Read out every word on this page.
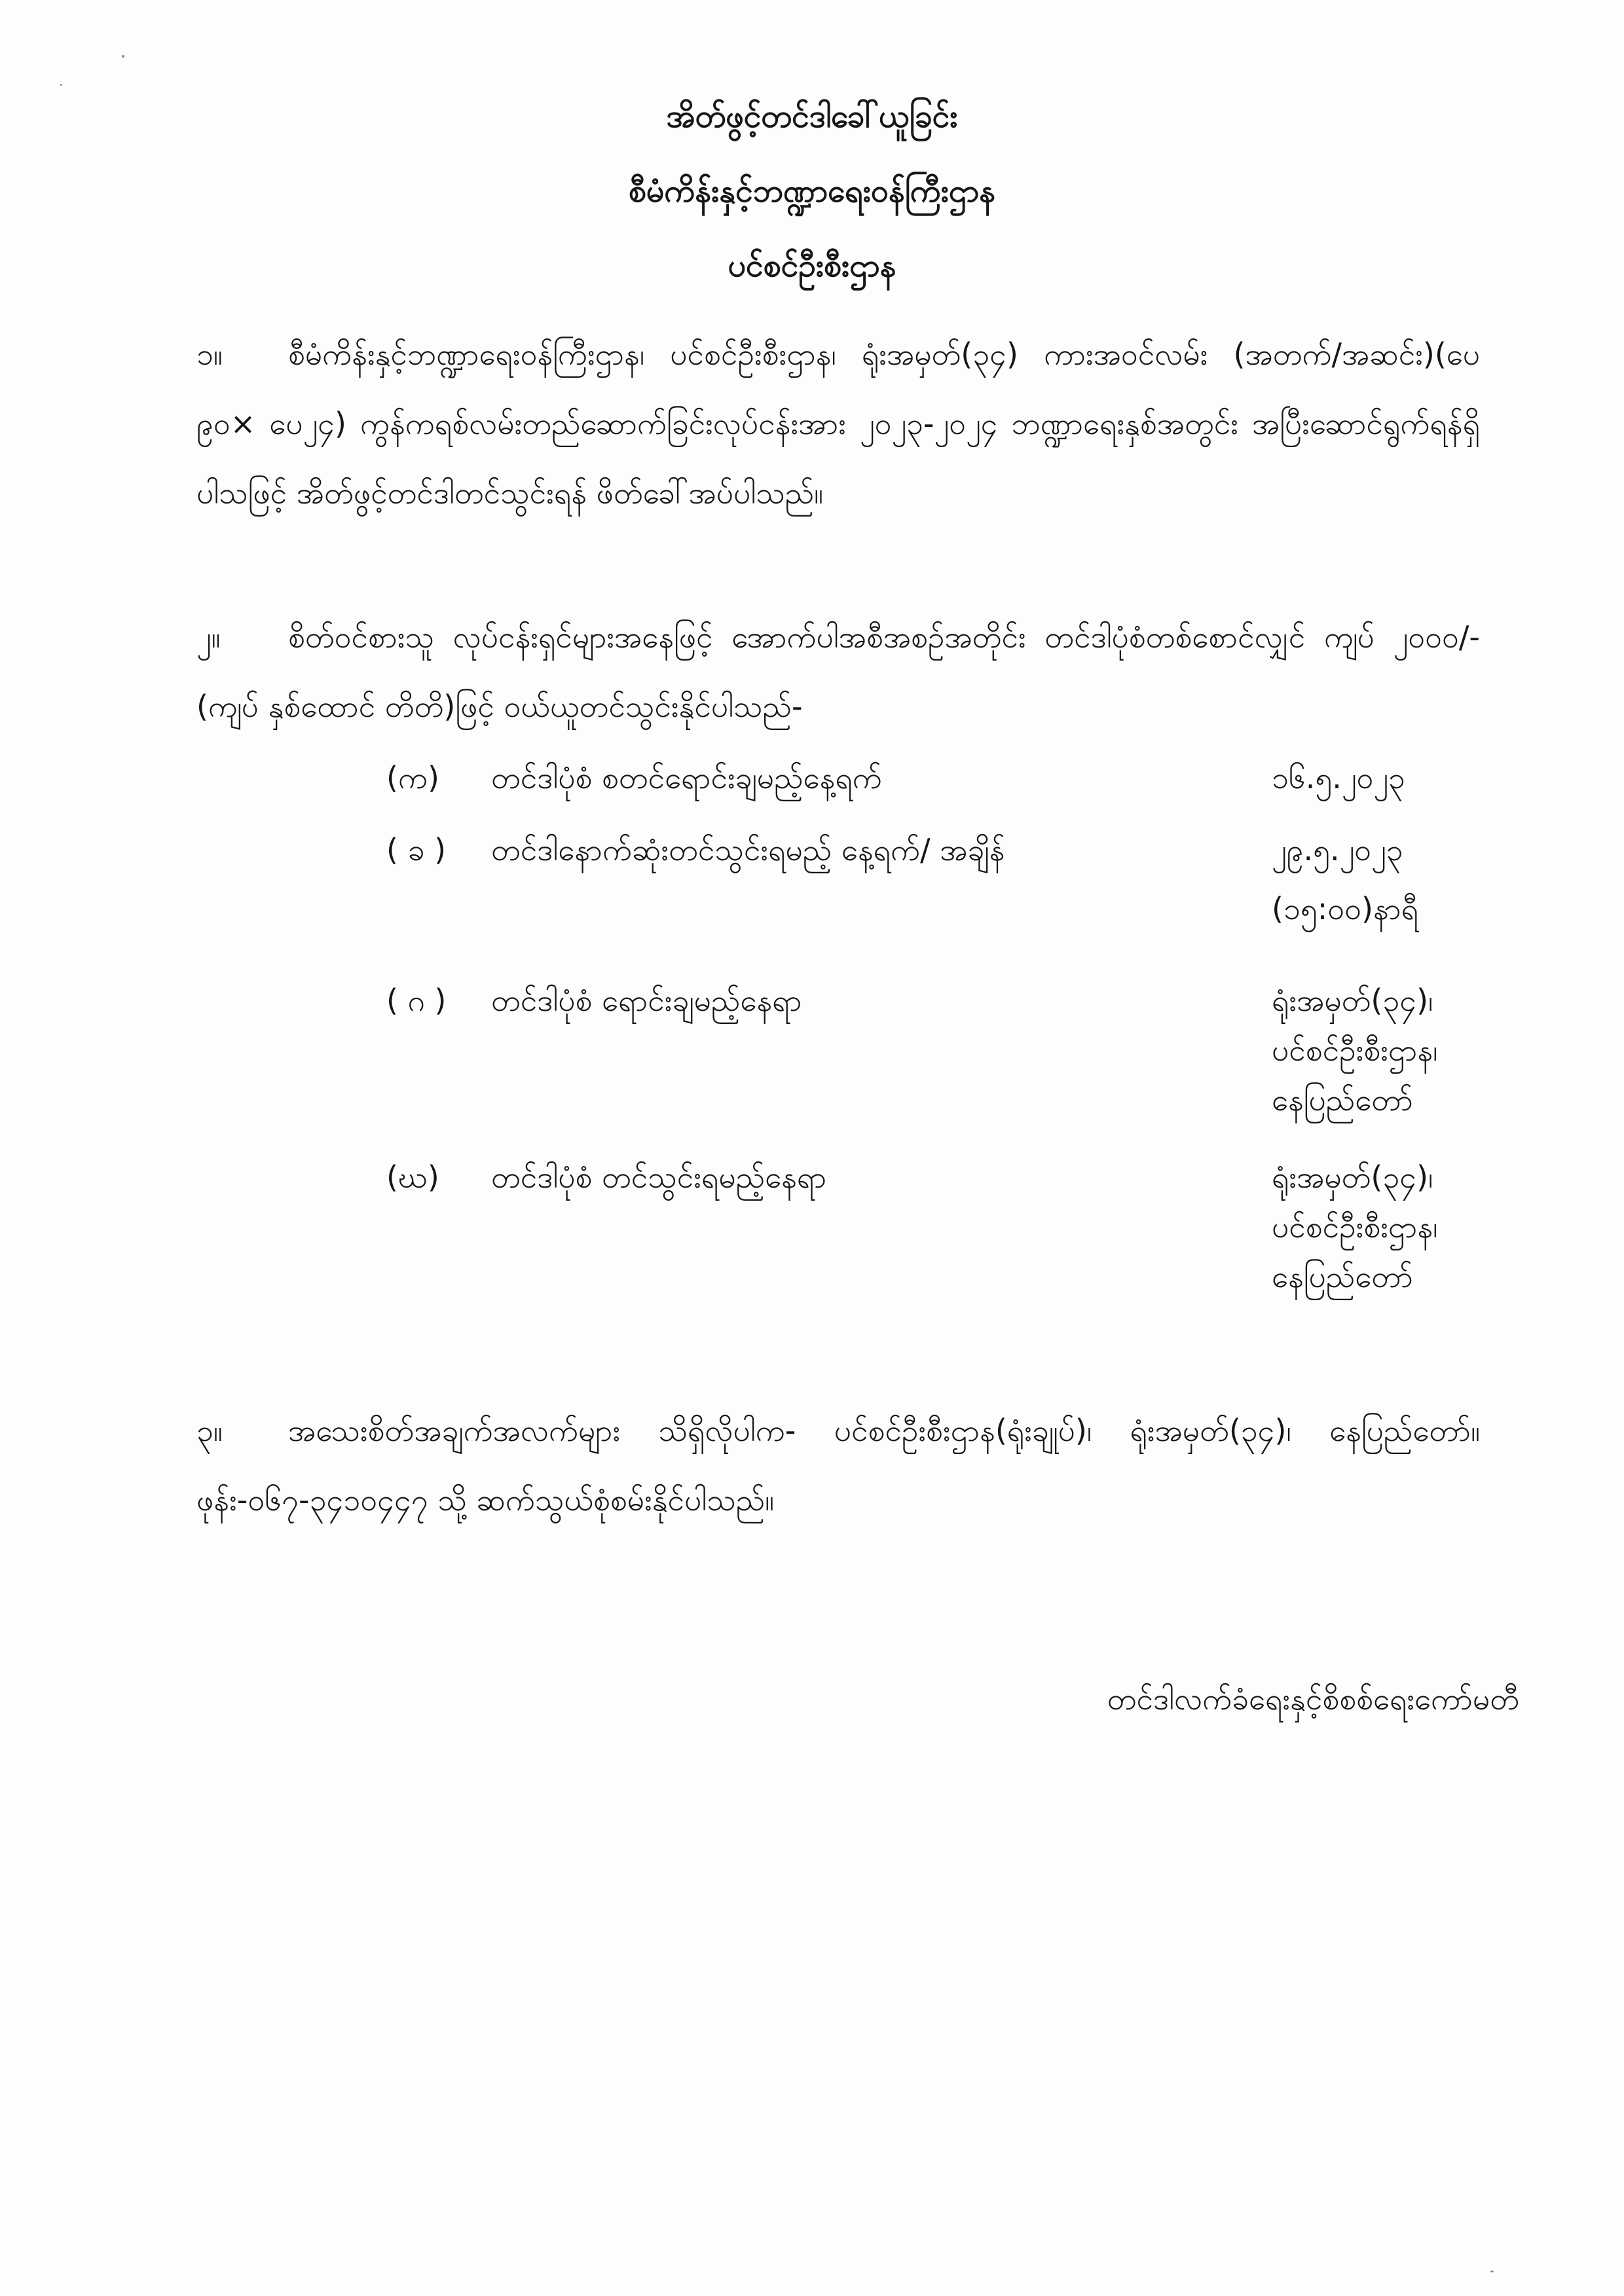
အိတ်ဖွင့်တင်ဒါခေါ်ယူခြင်း
စီမံကိန်းနှင့်ဘဏ္ဍာရေးဝန်ကြီးဌာန
ပင်စင်ဦးစီးဌာန
၁။ စီမံကိန်းနှင့်ဘဏ္ဍာရေးဝန်ကြီးဌာန၊ ပင်စင်ဦးစီးဌာန၊ ရုံးအမှတ်(၃၄) ကားအဝင်လမ်း (အတက်/အဆင်း)(ပေ ၉၀× ပေ၂၄) ကွန်ကရစ်လမ်းတည်ဆောက်ခြင်းလုပ်ငန်းအား ၂၀၂၃-၂၀၂၄ ဘဏ္ဍာရေးနှစ်အတွင်း အပြီးဆောင်ရွက်ရန်ရှိပါသဖြင့် အိတ်ဖွင့်တင်ဒါတင်သွင်းရန် ဖိတ်ခေါ်အပ်ပါသည်။
၂။ စိတ်ဝင်စားသူ လုပ်ငန်းရှင်များအနေဖြင့် အောက်ပါအစီအစဉ်အတိုင်း တင်ဒါပုံစံတစ်စောင်လျှင် ကျပ် ၂၀၀၀/- (ကျပ် နှစ်ထောင် တိတိ)ဖြင့် ဝယ်ယူတင်သွင်းနိုင်ပါသည်-
(က)	တင်ဒါပုံစံ စတင်ရောင်းချမည့်နေ့ရက်	၁၆.၅.၂၀၂၃
( ခ )	တင်ဒါနောက်ဆုံးတင်သွင်းရမည့် နေ့ရက်/ အချိန်	၂၉.၅.၂၀၂၃
(၁၅:၀၀)နာရီ
( ဂ )	တင်ဒါပုံစံ ရောင်းချမည့်နေရာ	ရုံးအမှတ်(၃၄)၊
ပင်စင်ဦးစီးဌာန၊
နေပြည်တော်
(ဃ)	တင်ဒါပုံစံ တင်သွင်းရမည့်နေရာ	ရုံးအမှတ်(၃၄)၊
ပင်စင်ဦးစီးဌာန၊
နေပြည်တော်
၃။ အသေးစိတ်အချက်အလက်များ သိရှိလိုပါက- ပင်စင်ဦးစီးဌာန(ရုံးချုပ်)၊ ရုံးအမှတ်(၃၄)၊ နေပြည်တော်။ ဖုန်း-၀၆၇-၃၄၁၀၄၄၇ သို့ ဆက်သွယ်စုံစမ်းနိုင်ပါသည်။
တင်ဒါလက်ခံရေးနှင့်စိစစ်ရေးကော်မတီ
